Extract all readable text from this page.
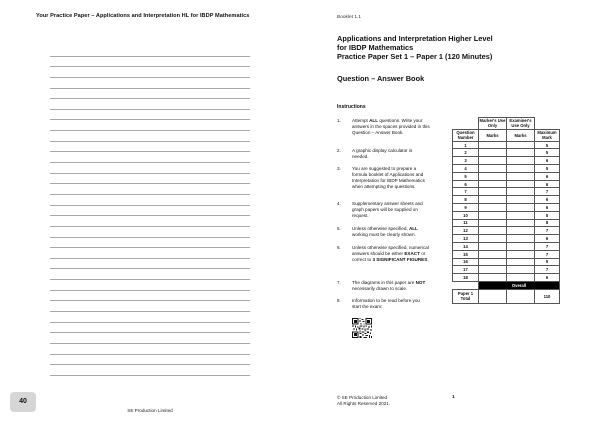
Your Practice Paper – Applications and Interpretation HL for IBDP Mathematics
40
SE Production Limited
Booklet 1.1
Applications and Interpretation Higher Level
for IBDP Mathematics
Practice Paper Set 1 – Paper 1 (120 Minutes)
Question – Answer Book
Instructions
1.	Attempt ALL questions. Write your answers in the spaces provided in this Question – Answer Book.
2.	A graphic display calculator is needed.
3.	You are suggested to prepare a formula booklet of Applications and Interpretation for IBDP Mathematics when attempting the questions.
4.	Supplementary answer sheets and graph papers will be supplied on request.
5.	Unless otherwise specified, ALL working must be clearly shown.
6.	Unless otherwise specified, numerical answers should be either EXACT or correct to 3 SIGNIFICANT FIGURES.
7.	The diagrams in this paper are NOT necessarily drawn to scale.
8.	Information to be read before you start the exam:
	Marker's Use Only	Examiner's Use Only	
Question Number	Marks	Marks	Maximum Mark
1			5
2			5
3			6
4			5
5			6
6			6
7			7
8			6
9			6
10			5
11			8
12			7
13			6
14			7
15			7
16			5
17			7
18			6
	Overall		
Paper 1 Total			110
© SE Production Limited
All Rights Reserved 2021.
1
